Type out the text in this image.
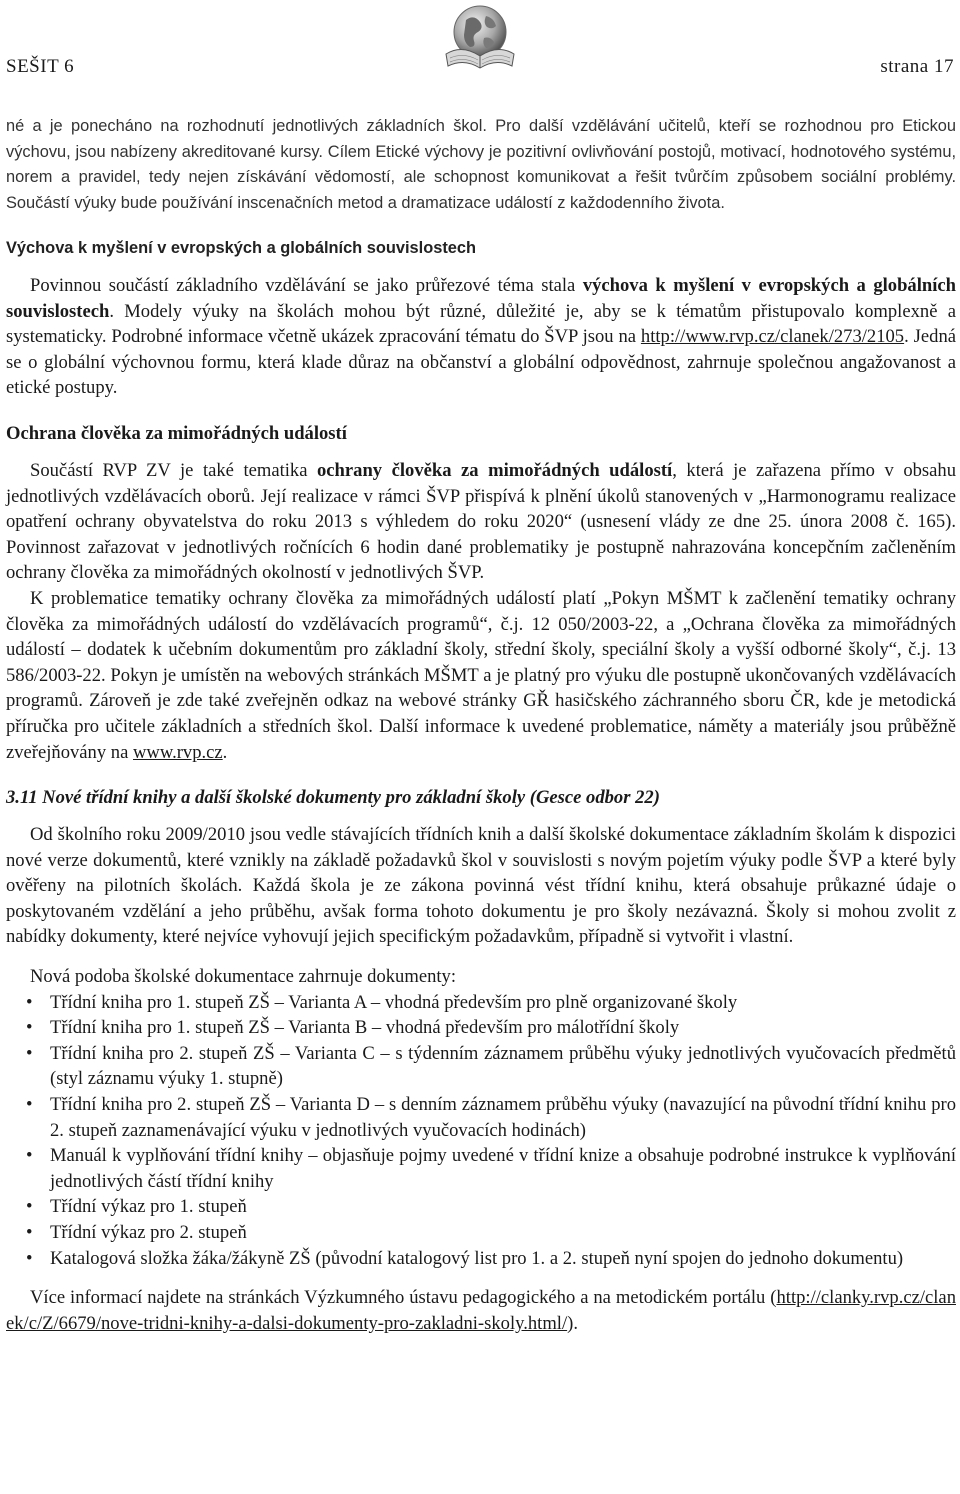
SEŠIT 6	strana 17

né a je ponecháno na rozhodnutí jednotlivých základních škol. Pro další vzdělávání učitelů, kteří se rozhodnou pro Etickou výchovu, jsou nabízeny akreditované kursy. Cílem Etické výchovy je pozitivní ovlivňování postojů, motivací, hodnotového systému, norem a pravidel, tedy nejen získávání vědomostí, ale schopnost komunikovat a řešit tvůrčím způsobem sociální problémy. Součástí výuky bude používání inscenačních metod a dramatizace událostí z každodenního života.

Výchova k myšlení v evropských a globálních souvislostech

Povinnou součástí základního vzdělávání se jako průřezové téma stala výchova k myšlení v evropských a globálních souvislostech. Modely výuky na školách mohou být různé, důležité je, aby se k tématům přistupovalo komplexně a systematicky. Podrobné informace včetně ukázek zpracování tématu do ŠVP jsou na http://www.rvp.cz/clanek/273/2105. Jedná se o globální výchovnou formu, která klade důraz na občanství a globální odpovědnost, zahrnuje společnou angažovanost a etické postupy.

Ochrana člověka za mimořádných událostí

Součástí RVP ZV je také tematika ochrany člověka za mimořádných událostí, která je zařazena přímo v obsahu jednotlivých vzdělávacích oborů. Její realizace v rámci ŠVP přispívá k plnění úkolů stanovených v „Harmonogramu realizace opatření ochrany obyvatelstva do roku 2013 s výhledem do roku 2020“ (usnesení vlády ze dne 25. února 2008 č. 165). Povinnost zařazovat v jednotlivých ročnících 6 hodin dané problematiky je postupně nahrazována koncepčním začleněním ochrany člověka za mimořádných okolností v jednotlivých ŠVP.

K problematice tematiky ochrany člověka za mimořádných událostí platí „Pokyn MŠMT k začlenění tematiky ochrany člověka za mimořádných událostí do vzdělávacích programů“, č.j. 12 050/2003-22, a „Ochrana člověka za mimořádných událostí – dodatek k učebním dokumentům pro základní školy, střední školy, speciální školy a vyšší odborné školy“, č.j. 13 586/2003-22. Pokyn je umístěn na webových stránkách MŠMT a je platný pro výuku dle postupně ukončovaných vzdělávacích programů. Zároveň je zde také zveřejněn odkaz na webové stránky GŘ hasičského záchranného sboru ČR, kde je metodická příručka pro učitele základních a středních škol. Další informace k uvedené problematice, náměty a materiály jsou průběžně zveřejňovány na www.rvp.cz.

3.11 Nové třídní knihy a další školské dokumenty pro základní školy (Gesce odbor 22)

Od školního roku 2009/2010 jsou vedle stávajících třídních knih a další školské dokumentace základním školám k dispozici nové verze dokumentů, které vznikly na základě požadavků škol v souvislosti s novým pojetím výuky podle ŠVP a které byly ověřeny na pilotních školách. Každá škola je ze zákona povinná vést třídní knihu, která obsahuje průkazné údaje o poskytovaném vzdělání a jeho průběhu, avšak forma tohoto dokumentu je pro školy nezávazná. Školy si mohou zvolit z nabídky dokumenty, které nejvíce vyhovují jejich specifickým požadavkům, případně si vytvořit i vlastní.

Nová podoba školské dokumentace zahrnuje dokumenty:

• Třídní kniha pro 1. stupeň ZŠ – Varianta A – vhodná především pro plně organizované školy
• Třídní kniha pro 1. stupeň ZŠ – Varianta B – vhodná především pro málotřídní školy
• Třídní kniha pro 2. stupeň ZŠ – Varianta C – s týdenním záznamem průběhu výuky jednotlivých vyučovacích předmětů (styl záznamu výuky 1. stupně)
• Třídní kniha pro 2. stupeň ZŠ – Varianta D – s denním záznamem průběhu výuky (navazující na původní třídní knihu pro 2. stupeň zaznamenávající výuku v jednotlivých vyučovacích hodinách)
• Manuál k vyplňování třídní knihy – objasňuje pojmy uvedené v třídní knize a obsahuje podrobné instrukce k vyplňování jednotlivých částí třídní knihy
• Třídní výkaz pro 1. stupeň
• Třídní výkaz pro 2. stupeň
• Katalogová složka žáka/žákyně ZŠ (původní katalogový list pro 1. a 2. stupeň nyní spojen do jednoho dokumentu)

Více informací najdete na stránkách Výzkumného ústavu pedagogického a na metodickém portálu (http://clanky.rvp.cz/clanek/c/Z/6679/nove-tridni-knihy-a-dalsi-dokumenty-pro-zakladni-skoly.html/).
